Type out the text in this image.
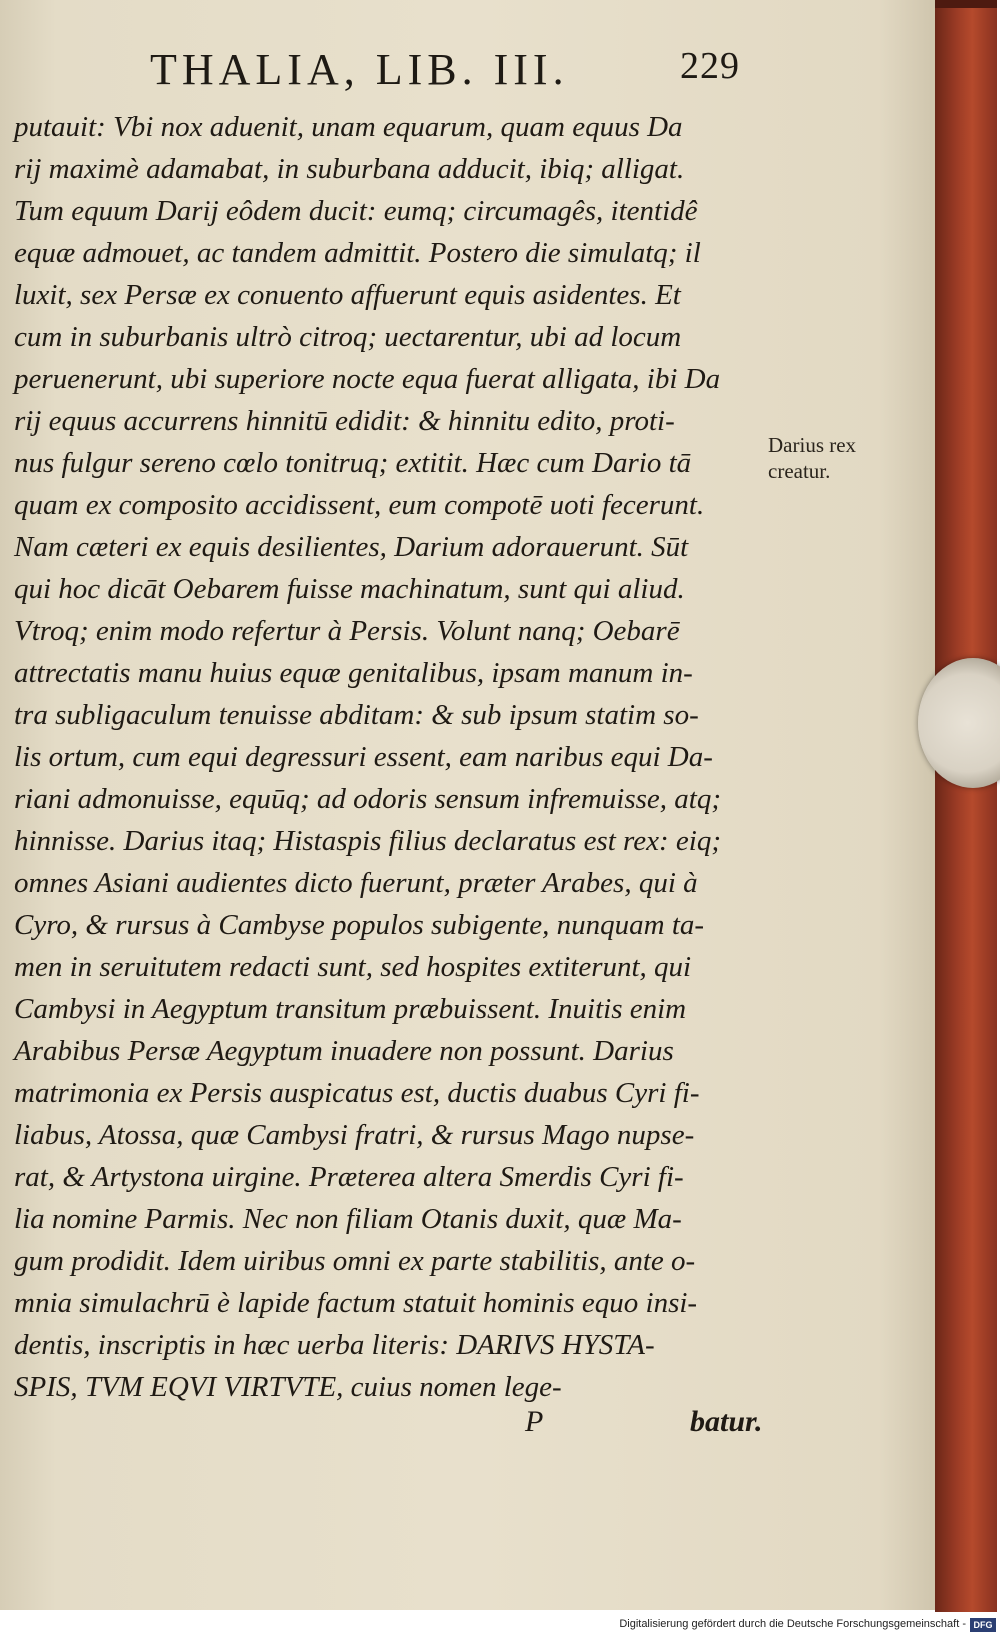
THALIA, LIB. III.	229
putauit: Vbi nox aduenit, unam equarum, quam equus Da
rij maximè adamabat, in suburbana adducit, ibiq; alligat.
Tum equum Darij eôdem ducit: eumq; circumagês, itentidê
equæ admouet, ac tandem admittit. Postero die simulatq; il
luxit, sex Persæ ex conuento affuerunt equis asidentes. Et
cum in suburbanis ultrò citroq; uectarentur, ubi ad locum
peruenerunt, ubi superiore nocte equa fuerat alligata, ibi Da
rij equus accurrens hinnitū edidit: & hinnitu edito, proti-
nus fulgur sereno cœlo tonitruq; extitit. Hæc cum Dario tā
quam ex composito accidissent, eum compotē uoti fecerunt.
Nam cæteri ex equis desilientes, Darium adorauerunt. Sūt
qui hoc dicāt Oebarem fuisse machinatum, sunt qui aliud.
Vtroq; enim modo refertur à Persis. Volunt nanq; Oebarē
attrectatis manu huius equæ genitalibus, ipsam manum in-
tra subligaculum tenuisse abditam: & sub ipsum statim so-
lis ortum, cum equi degressuri essent, eam naribus equi Da-
riani admonuisse, equūq; ad odoris sensum infremuisse, atq;
hinnisse. Darius itaq; Histaspis filius declaratus est rex: eiq;
omnes Asiani audientes dicto fuerunt, præter Arabes, qui à
Cyro, & rursus à Cambyse populos subigente, nunquam ta-
men in seruitutem redacti sunt, sed hospites extiterunt, qui
Cambysi in Aegyptum transitum præbuissent. Inuitis enim
Arabibus Persæ Aegyptum inuadere non possunt. Darius
matrimonia ex Persis auspicatus est, ductis duabus Cyri fi-
liabus, Atossa, quæ Cambysi fratri, & rursus Mago nupse-
rat, & Artystona uirgine. Præterea altera Smerdis Cyri fi-
lia nomine Parmis. Nec non filiam Otanis duxit, quæ Ma-
gum prodidit. Idem uiribus omni ex parte stabilitis, ante o-
mnia simulachrū è lapide factum statuit hominis equo insi-
dentis, inscriptis in hæc uerba literis: DARIVS HYSTA-
SPIS, TVM EQVI VIRTVTE, cuius nomen lege-
Darius rex
creatur.
P	batur.
Digitalisierung gefördert durch die Deutsche Forschungsgemeinschaft - DFG
